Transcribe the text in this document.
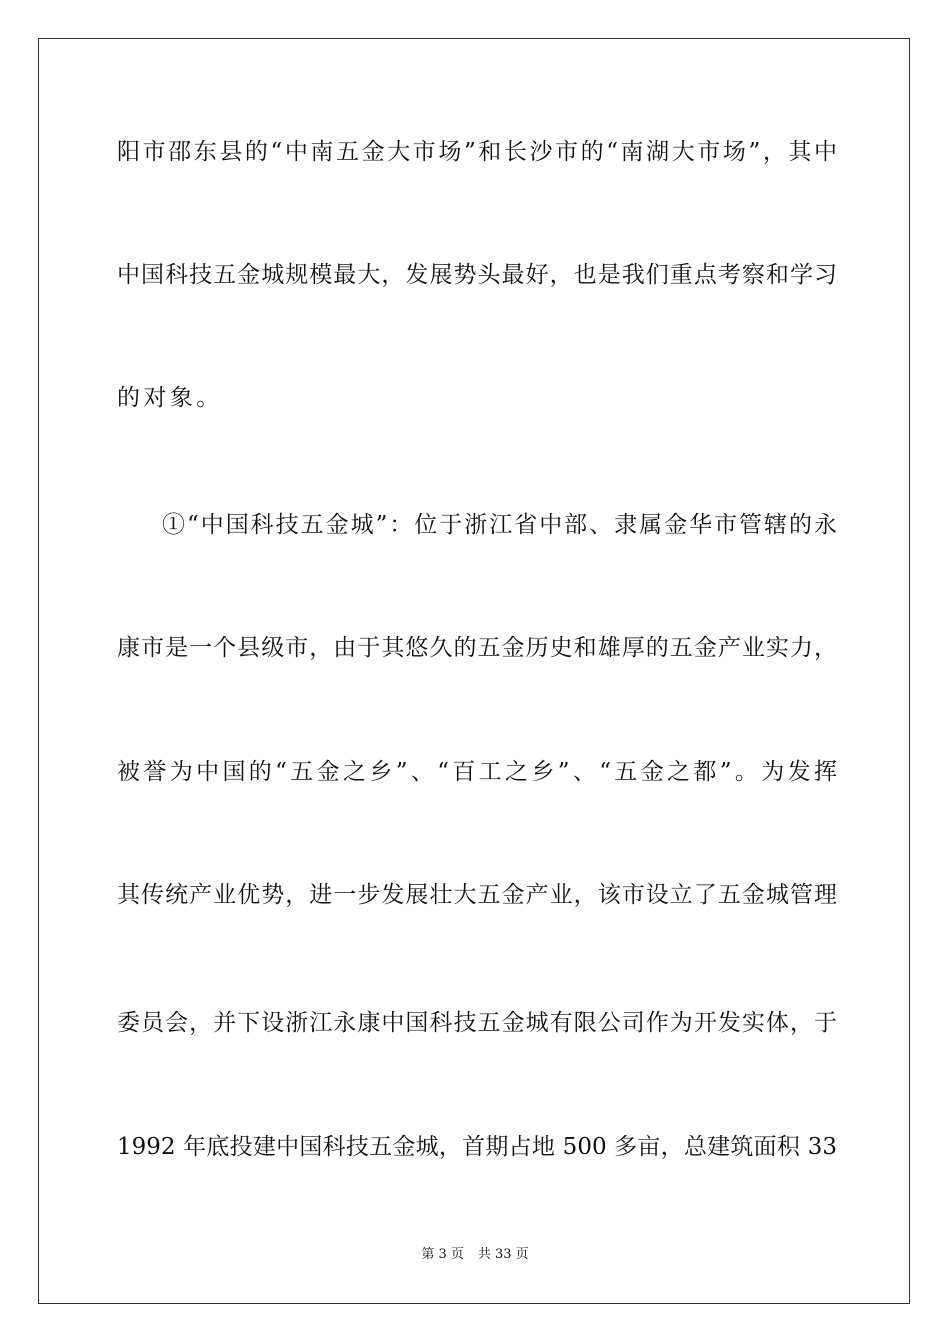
阳市邵东县的“中南五金大市场”和长沙市的“南湖大市场”，其中
中国科技五金城规模最大，发展势头最好，也是我们重点考察和学习
的对象。
①“中国科技五金城”：位于浙江省中部、隶属金华市管辖的永
康市是一个县级市，由于其悠久的五金历史和雄厚的五金产业实力，
被誉为中国的“五金之乡”、“百工之乡”、“五金之都”。为发挥
其传统产业优势，进一步发展壮大五金产业，该市设立了五金城管理
委员会，并下设浙江永康中国科技五金城有限公司作为开发实体，于
1992 年底投建中国科技五金城，首期占地 500 多亩，总建筑面积 33
第 3 页 共 33 页
